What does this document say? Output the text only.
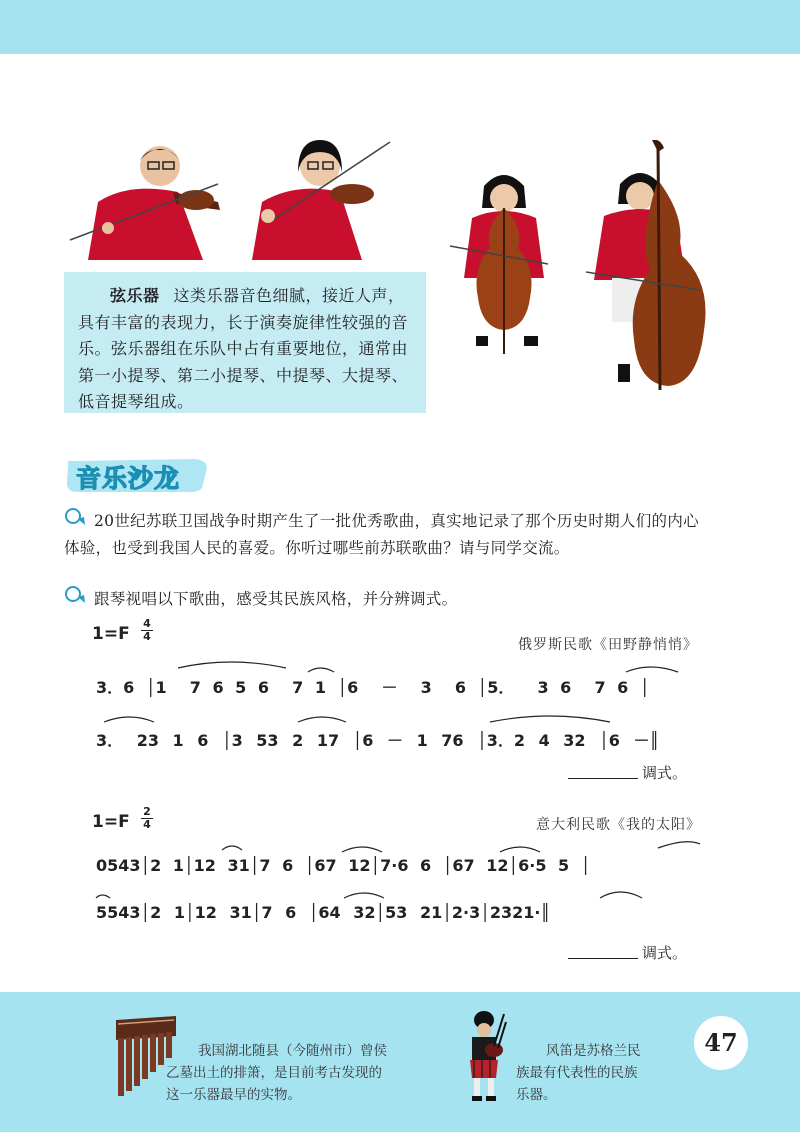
弦乐器 这类乐器音色细腻，接近人声，具有丰富的表现力，长于演奏旋律性较强的音乐。弦乐器组在乐队中占有重要地位，通常由第一小提琴、第二小提琴、中提琴、大提琴、低音提琴组成。
音乐沙龙
20世纪苏联卫国战争时期产生了一批优秀歌曲，真实地记录了那个历史时期人们的内心
体验，也受到我国人民的喜爱。你听过哪些前苏联歌曲？请与同学交流。
跟琴视唱以下歌曲，感受其民族风格，并分辨调式。
1=F
4
4
俄罗斯民歌《田野静悄悄》
3．6 │1  7 6 5 6  7 1 │6  －  3  6 │5．  3 6  7 6 │
3． 23 1 6 │3 53 2 17 │6 － 1 76 │3．2 4 32 │6 －║
调式。
1=F
2
4	意大利民歌《我的太阳》
0543│2 1│12 31│7 6 │67 12│7·6 6 │67 12│6·5 5 │
5543│2 1│12 31│7 6 │64 32│53 21│2·3│2321·║
调式。
我国湖北随县（今随州市）曾侯
乙墓出土的排箫，是目前考古发现的
这一乐器最早的实物。
风笛是苏格兰民
族最有代表性的民族
乐器。
47
